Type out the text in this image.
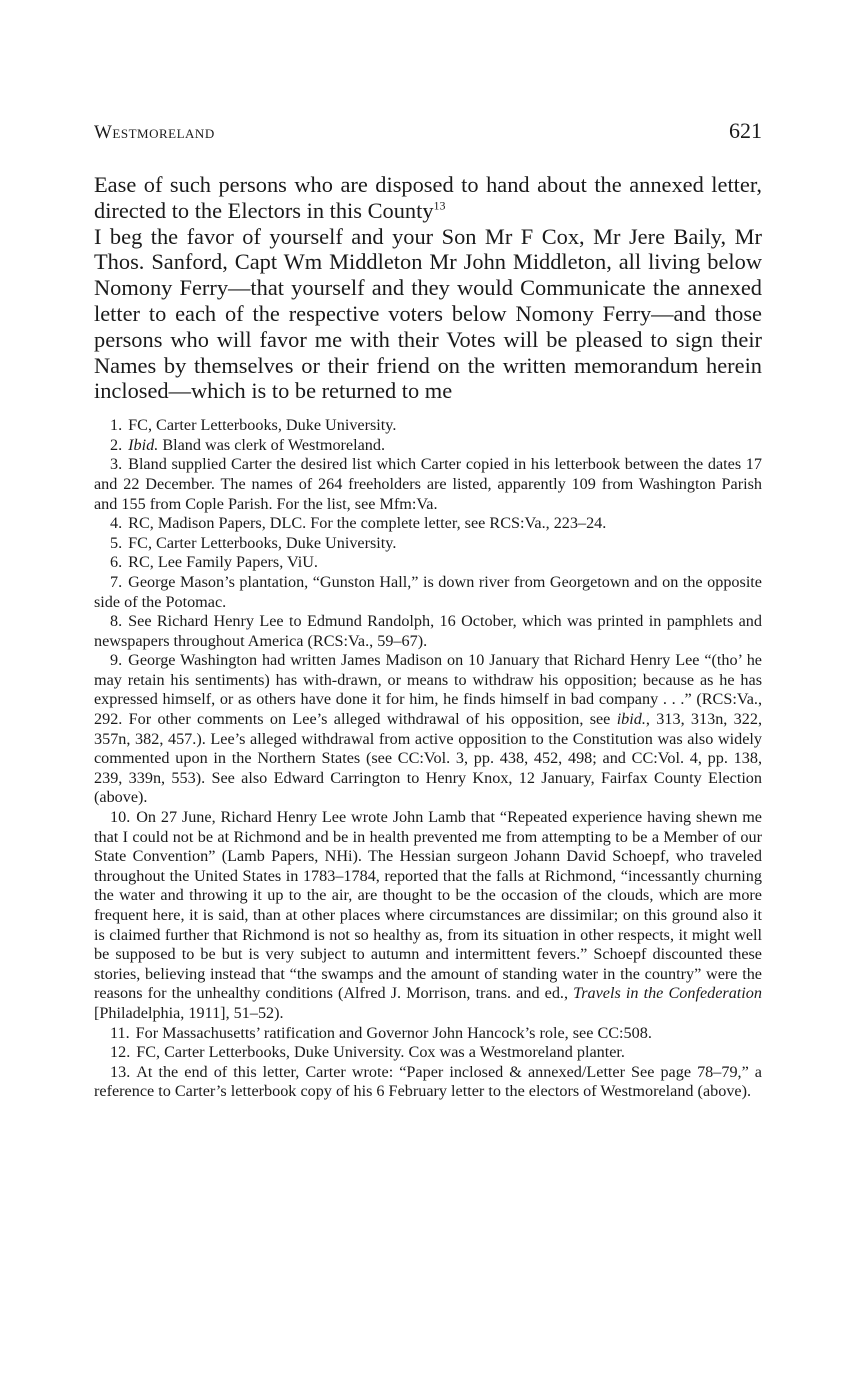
Westmoreland	621

Ease of such persons who are disposed to hand about the annexed letter, directed to the Electors in this County$^{13}$

I beg the favor of yourself and your Son Mr F Cox, Mr Jere Baily, Mr Thos. Sanford, Capt Wm Middleton Mr John Middleton, all living below Nomony Ferry—that yourself and they would Communicate the annexed letter to each of the respective voters below Nomony Ferry—and those persons who will favor me with their Votes will be pleased to sign their Names by themselves or their friend on the written memorandum herein inclosed—which is to be returned to me

1. FC, Carter Letterbooks, Duke University.

2. Ibid. Bland was clerk of Westmoreland.

3. Bland supplied Carter the desired list which Carter copied in his letterbook between the dates 17 and 22 December. The names of 264 freeholders are listed, apparently 109 from Washington Parish and 155 from Cople Parish. For the list, see Mfm:Va.

4. RC, Madison Papers, DLC. For the complete letter, see RCS:Va., 223–24.

5. FC, Carter Letterbooks, Duke University.

6. RC, Lee Family Papers, ViU.

7. George Mason’s plantation, “Gunston Hall,” is down river from Georgetown and on the opposite side of the Potomac.

8. See Richard Henry Lee to Edmund Randolph, 16 October, which was printed in pamphlets and newspapers throughout America (RCS:Va., 59–67).

9. George Washington had written James Madison on 10 January that Richard Henry Lee “(tho’ he may retain his sentiments) has with-drawn, or means to withdraw his opposition; because as he has expressed himself, or as others have done it for him, he finds himself in bad company . . .” (RCS:Va., 292. For other comments on Lee’s alleged withdrawal of his opposition, see ibid., 313, 313n, 322, 357n, 382, 457.). Lee’s alleged withdrawal from active opposition to the Constitution was also widely commented upon in the Northern States (see CC:Vol. 3, pp. 438, 452, 498; and CC:Vol. 4, pp. 138, 239, 339n, 553). See also Edward Carrington to Henry Knox, 12 January, Fairfax County Election (above).

10. On 27 June, Richard Henry Lee wrote John Lamb that “Repeated experience having shewn me that I could not be at Richmond and be in health prevented me from attempting to be a Member of our State Convention” (Lamb Papers, NHi). The Hessian surgeon Johann David Schoepf, who traveled throughout the United States in 1783–1784, reported that the falls at Richmond, “incessantly churning the water and throwing it up to the air, are thought to be the occasion of the clouds, which are more frequent here, it is said, than at other places where circumstances are dissimilar; on this ground also it is claimed further that Richmond is not so healthy as, from its situation in other respects, it might well be supposed to be but is very subject to autumn and intermittent fevers.” Schoepf discounted these stories, believing instead that “the swamps and the amount of standing water in the country” were the reasons for the unhealthy conditions (Alfred J. Morrison, trans. and ed., Travels in the Confederation [Philadelphia, 1911], 51–52).

11. For Massachusetts’ ratification and Governor John Hancock’s role, see CC:508.

12. FC, Carter Letterbooks, Duke University. Cox was a Westmoreland planter.

13. At the end of this letter, Carter wrote: “Paper inclosed & annexed/Letter See page 78–79,” a reference to Carter’s letterbook copy of his 6 February letter to the electors of Westmoreland (above).
